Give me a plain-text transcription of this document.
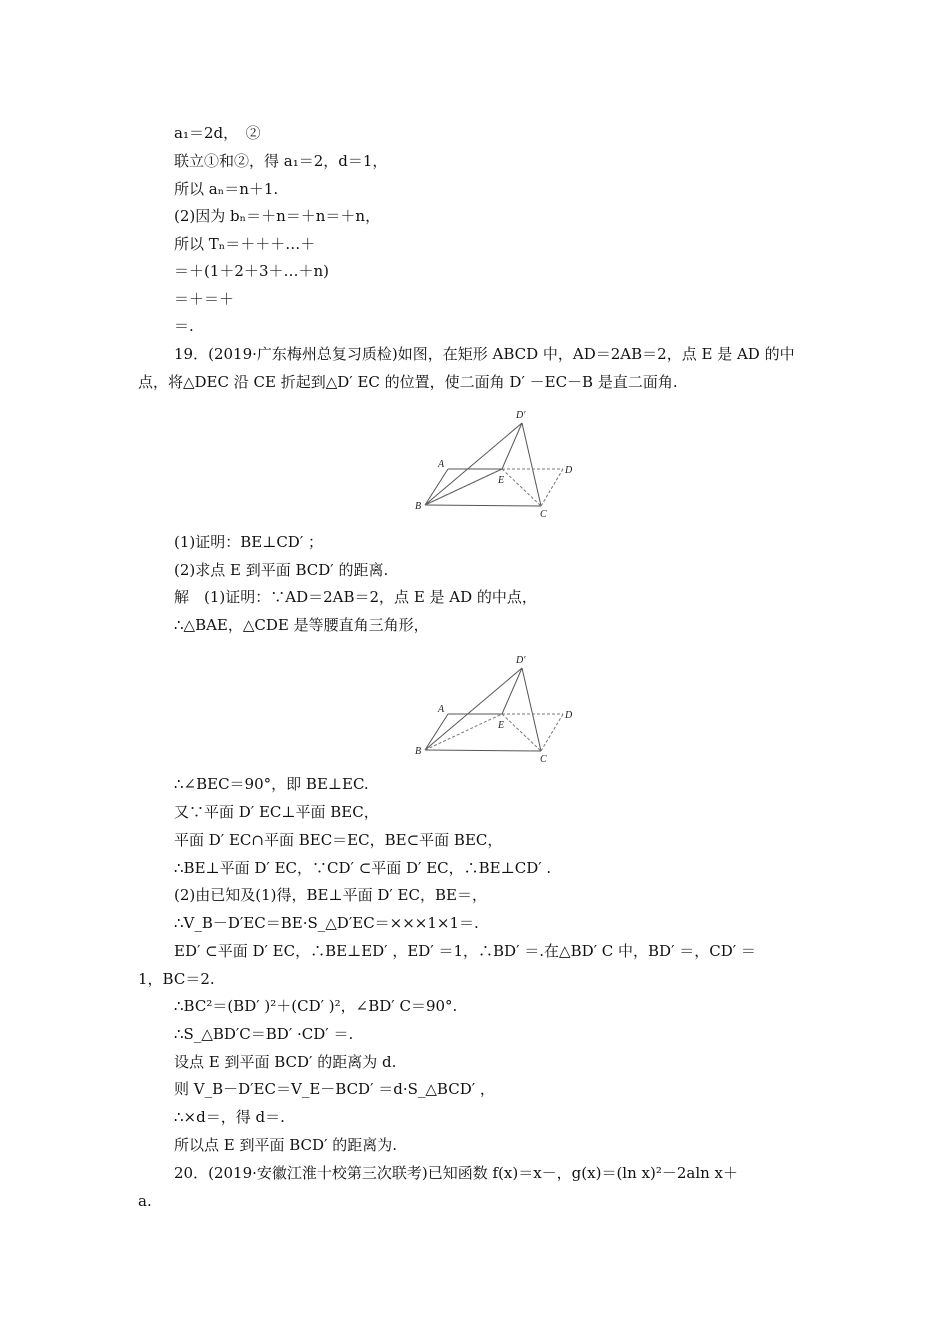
a₁＝2d，　②
联立①和②，得 a₁＝2，d＝1，
所以 aₙ＝n＋1.
(2)因为 bₙ＝＋n＝＋n＝＋n，
所以 Tₙ＝＋＋＋…＋
＝＋(1＋2＋3＋…＋n)
＝＋＝＋
＝.
19．(2019·广东梅州总复习质检)如图，在矩形 ABCD 中，AD＝2AB＝2，点 E 是 AD 的中
点，将△DEC 沿 CE 折起到△D′ EC 的位置，使二面角 D′ －EC－B 是直二面角.
(1)证明：BE⊥CD′ ；
(2)求点 E 到平面 BCD′ 的距离.
解　(1)证明：∵AD＝2AB＝2，点 E 是 AD 的中点，
∴△BAE，△CDE 是等腰直角三角形，
∴∠BEC＝90°，即 BE⊥EC.
又∵平面 D′ EC⊥平面 BEC，
平面 D′ EC∩平面 BEC＝EC，BE⊂平面 BEC，
∴BE⊥平面 D′ EC，∵CD′ ⊂平面 D′ EC，∴BE⊥CD′ .
(2)由已知及(1)得，BE⊥平面 D′ EC，BE＝，
∴V_B－D′EC＝BE·S_△D′EC＝×××1×1＝.
ED′ ⊂平面 D′ EC，∴BE⊥ED′ ，ED′ ＝1，∴BD′ ＝.在△BD′ C 中，BD′ ＝，CD′ ＝
1，BC＝2.
∴BC²＝(BD′ )²＋(CD′ )²，∠BD′ C＝90°.
∴S_△BD′C＝BD′ ·CD′ ＝.
设点 E 到平面 BCD′ 的距离为 d.
则 V_B－D′EC＝V_E－BCD′ ＝d·S_△BCD′ ，
∴×d＝，得 d＝.
所以点 E 到平面 BCD′ 的距离为.
20．(2019·安徽江淮十校第三次联考)已知函数 f(x)＝x－，g(x)＝(ln x)²－2aln x＋
a.
D′
A
E
D
B
C
D′
A
E
D
B
C
